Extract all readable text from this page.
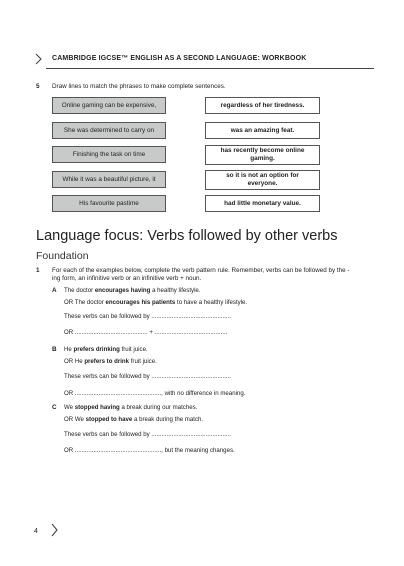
CAMBRIDGE IGCSE™ ENGLISH AS A SECOND LANGUAGE: WORKBOOK
5 Draw lines to match the phrases to make complete sentences.
Online gaming can be expensive,
She was determined to carry on
Finishing the task on time
While it was a beautiful picture, it
His favourite pastime
regardless of her tiredness.
was an amazing feat.
has recently become online gaming.
so it is not an option for everyone.
had little monetary value.
Language focus: Verbs followed by other verbs
Foundation
1 For each of the examples below, complete the verb pattern rule. Remember, verbs can be followed by the -ing form, an infinitive verb or an infinitive verb + noun.
A The doctor encourages having a healthy lifestyle.
OR The doctor encourages his patients to have a healthy lifestyle.
These verbs can be followed by ...............................................
OR ........................................... + ...........................................
B He prefers drinking fruit juice.
OR He prefers to drink fruit juice.
These verbs can be followed by ...............................................
OR ..................................................., with no difference in meaning.
C We stopped having a break during our matches.
OR We stopped to have a break during the match.
These verbs can be followed by ...............................................
OR ..................................................., but the meaning changes.
4
